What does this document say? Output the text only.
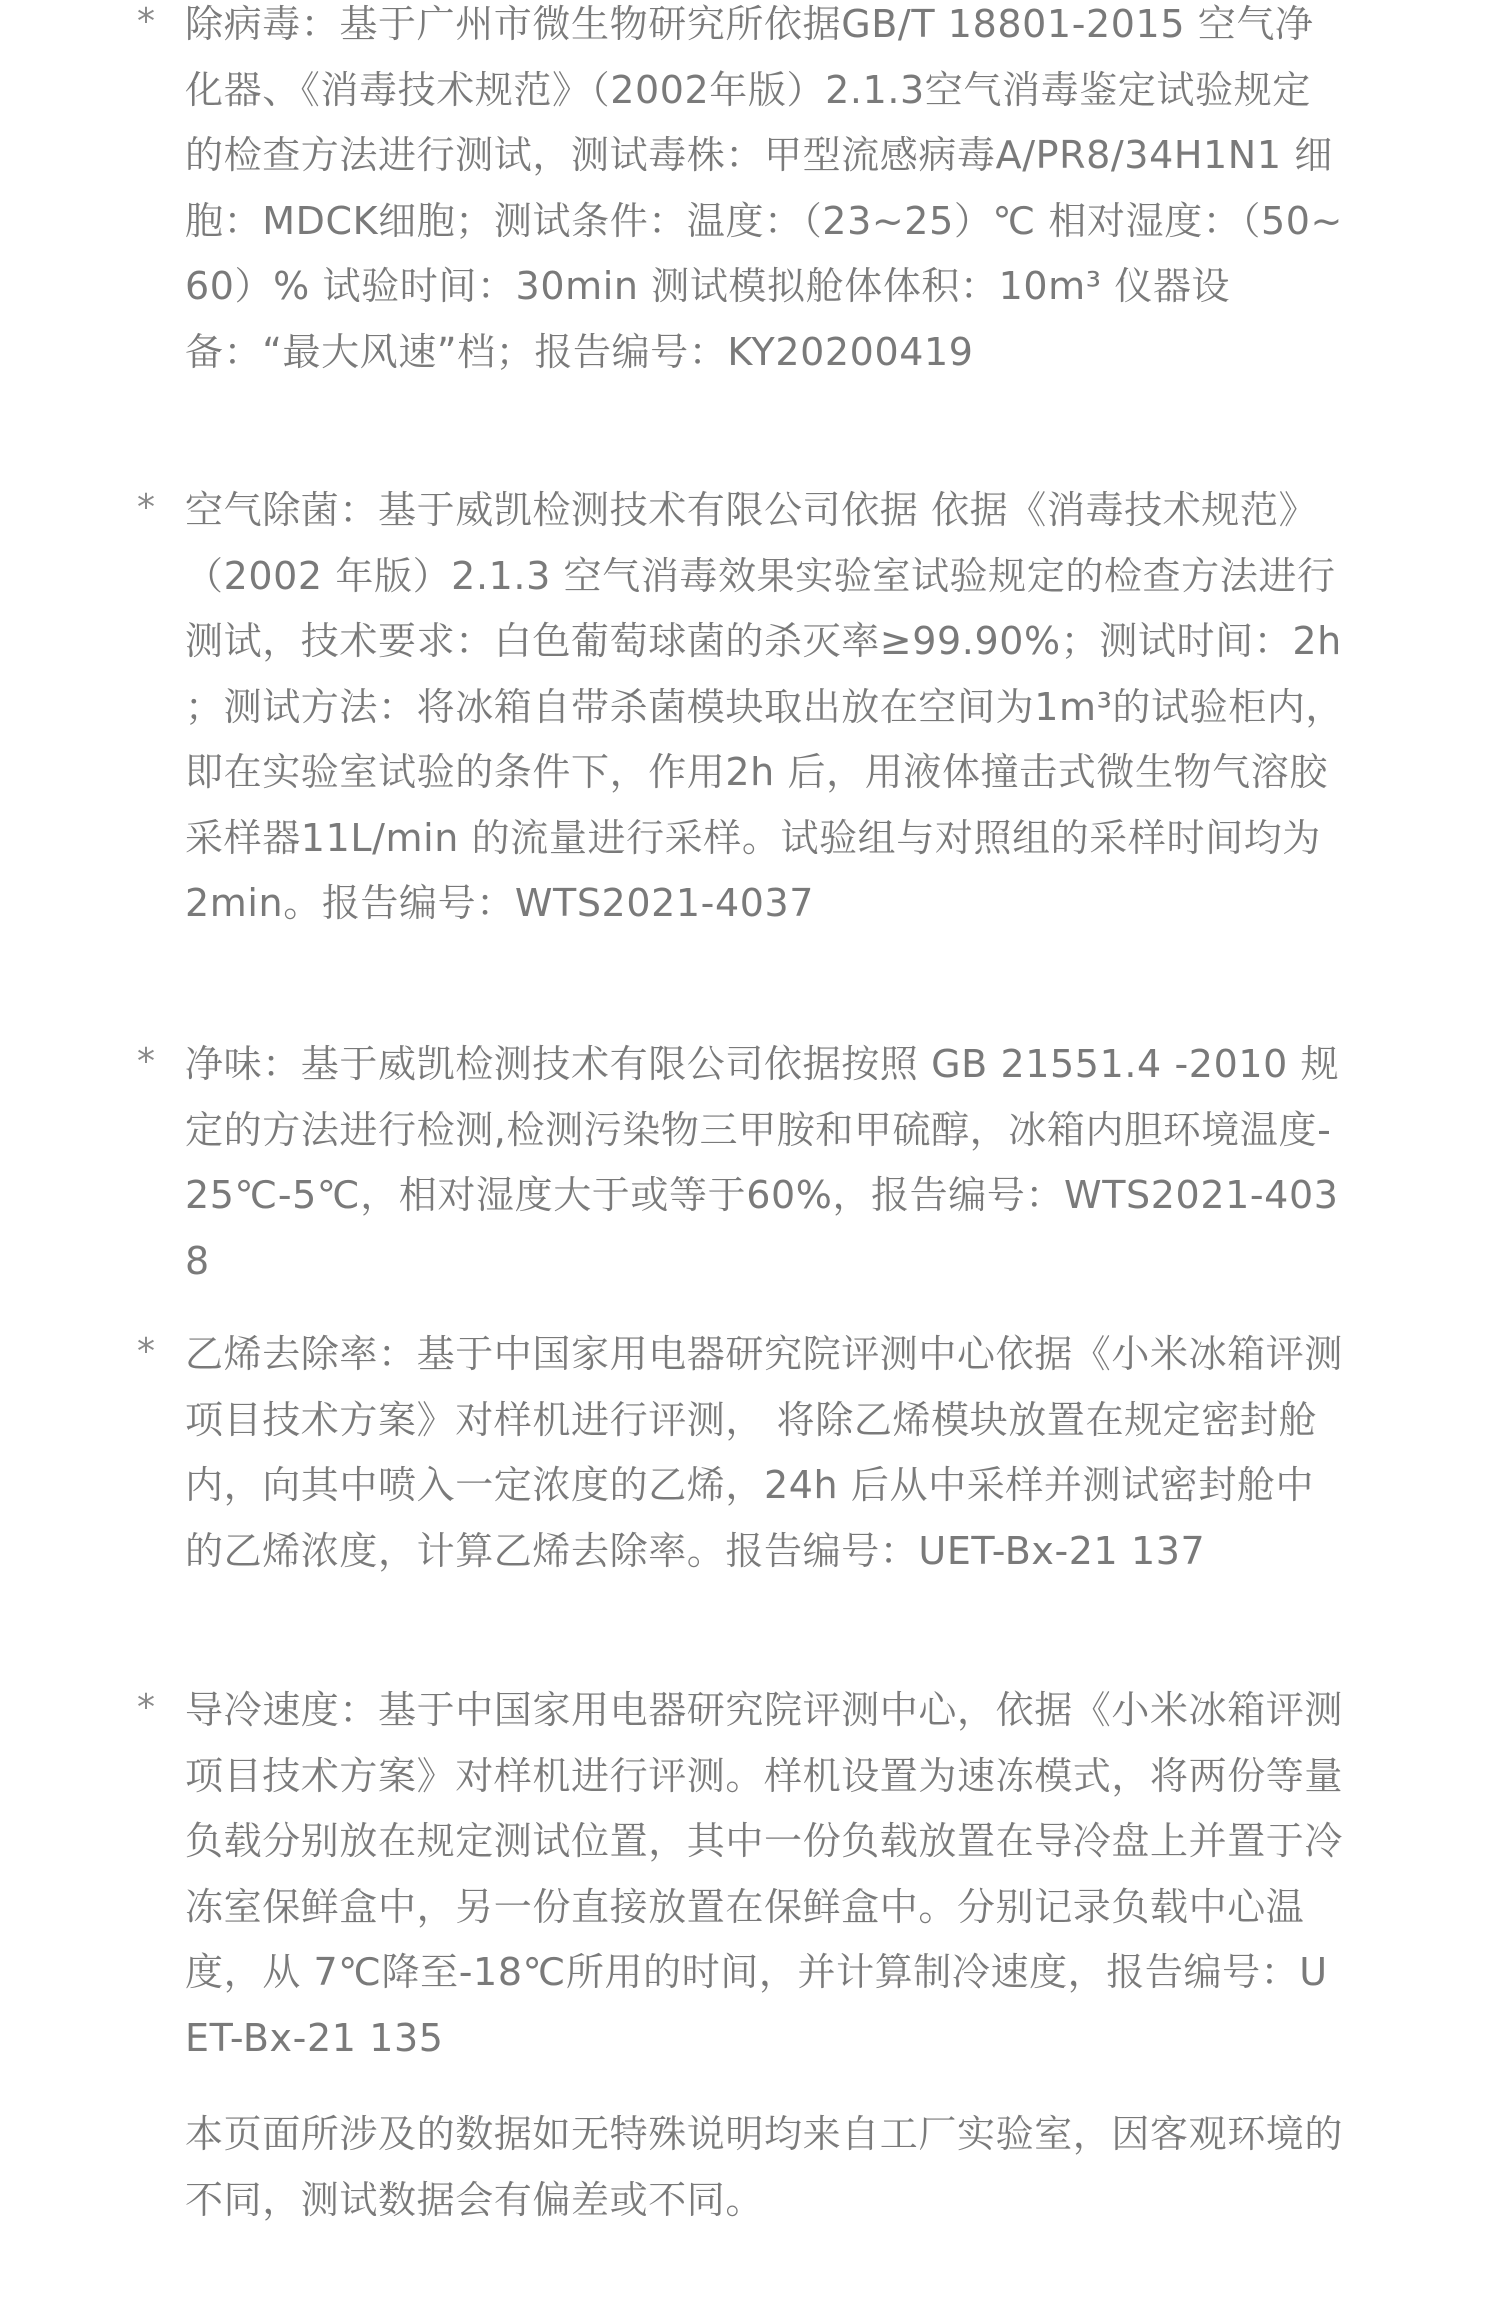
* 除病毒：基于广州市微生物研究所依据GB/T 18801-2015 空气净化器、《消毒技术规范》（2002年版）2.1.3空气消毒鉴定试验规定的检查方法进行测试，测试毒株：甲型流感病毒A/PR8/34H1N1 细胞：MDCK细胞；测试条件：温度：（23~25）℃ 相对湿度：（50~60）% 试验时间：30min 测试模拟舱体体积：10m³ 仪器设备：“最大风速”档；报告编号：KY20200419
* 空气除菌：基于威凯检测技术有限公司依据 依据《消毒技术规范》（2002 年版）2.1.3 空气消毒效果实验室试验规定的检查方法进行测试，技术要求：白色葡萄球菌的杀灭率≥99.90%；测试时间：2h ；测试方法：将冰箱自带杀菌模块取出放在空间为1m³的试验柜内，即在实验室试验的条件下，作用2h 后，用液体撞击式微生物气溶胶采样器11L/min 的流量进行采样。试验组与对照组的采样时间均为2min。报告编号：WTS2021-4037
* 净味：基于威凯检测技术有限公司依据按照 GB 21551.4 -2010 规定的方法进行检测,检测污染物三甲胺和甲硫醇，冰箱内胆环境温度-25℃-5℃，相对湿度大于或等于60%，报告编号：WTS2021-4038
* 乙烯去除率：基于中国家用电器研究院评测中心依据《小米冰箱评测项目技术方案》对样机进行评测， 将除乙烯模块放置在规定密封舱内，向其中喷入一定浓度的乙烯，24h 后从中采样并测试密封舱中的乙烯浓度，计算乙烯去除率。报告编号：UET-Bx-21 137
* 导冷速度：基于中国家用电器研究院评测中心，依据《小米冰箱评测项目技术方案》对样机进行评测。样机设置为速冻模式，将两份等量负载分别放在规定测试位置，其中一份负载放置在导冷盘上并置于冷冻室保鲜盒中，另一份直接放置在保鲜盒中。分别记录负载中心温度，从 7℃降至-18℃所用的时间，并计算制冷速度，报告编号：UET-Bx-21 135
本页面所涉及的数据如无特殊说明均来自工厂实验室，因客观环境的不同，测试数据会有偏差或不同。
